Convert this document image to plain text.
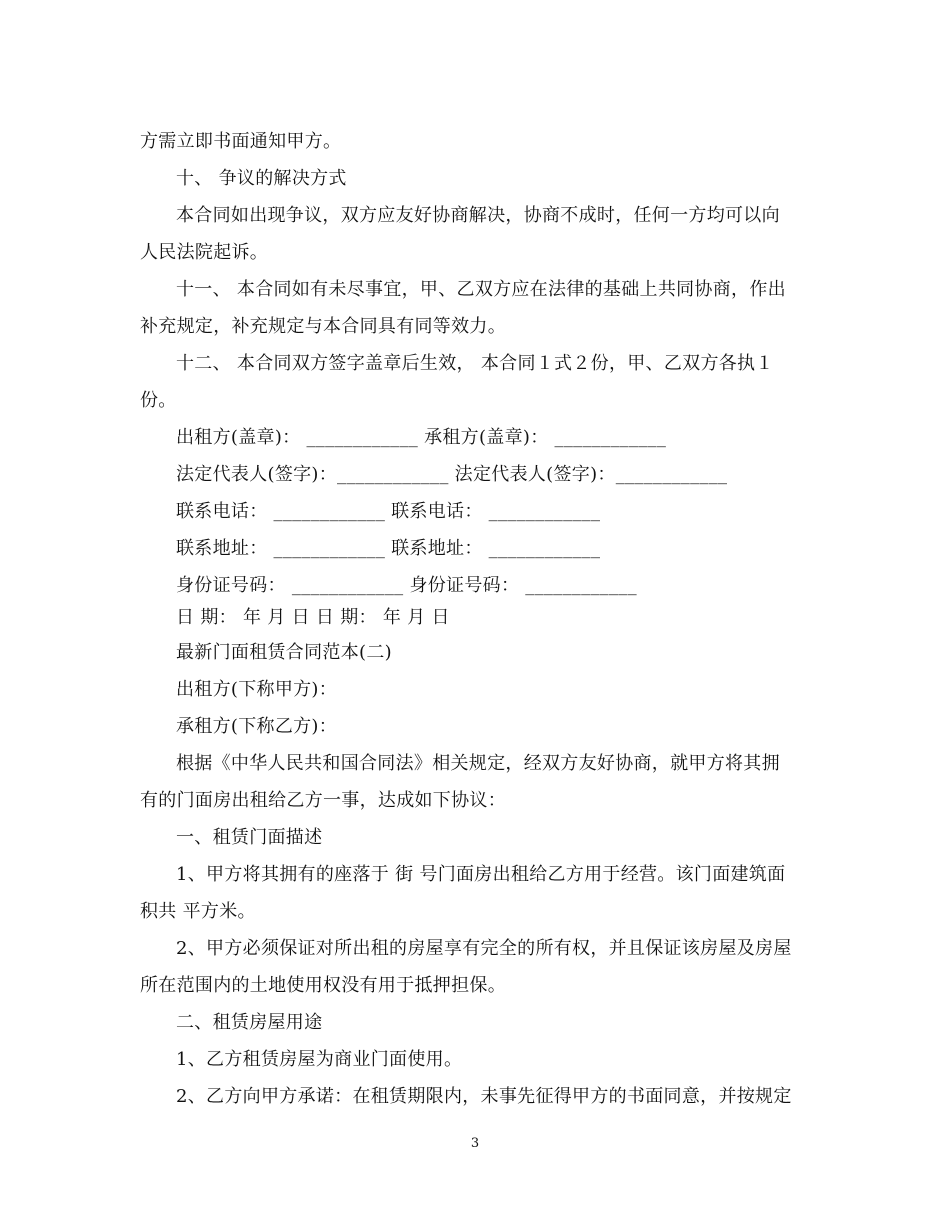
方需立即书面通知甲方。
十、 争议的解决方式
本合同如出现争议，双方应友好协商解决，协商不成时，任何一方均可以向
人民法院起诉。
十一、 本合同如有未尽事宜，甲、乙双方应在法律的基础上共同协商，作出
补充规定，补充规定与本合同具有同等效力。
十二、 本合同双方签字盖章后生效， 本合同１式２份，甲、乙双方各执１
份。
出租方(盖章)： ____________ 承租方(盖章)： ____________
法定代表人(签字)：____________ 法定代表人(签字)：____________
联系电话： ____________ 联系电话： ____________
联系地址： ____________ 联系地址： ____________
身份证号码： ____________ 身份证号码： ____________
日 期： 年 月 日 日 期： 年 月 日
最新门面租赁合同范本(二)
出租方(下称甲方)：
承租方(下称乙方)：
根据《中华人民共和国合同法》相关规定，经双方友好协商，就甲方将其拥
有的门面房出租给乙方一事，达成如下协议：
一、租赁门面描述
1、甲方将其拥有的座落于 街 号门面房出租给乙方用于经营。该门面建筑面
积共 平方米。
2、甲方必须保证对所出租的房屋享有完全的所有权，并且保证该房屋及房屋
所在范围内的土地使用权没有用于抵押担保。
二、租赁房屋用途
1、乙方租赁房屋为商业门面使用。
2、乙方向甲方承诺：在租赁期限内，未事先征得甲方的书面同意，并按规定
3
